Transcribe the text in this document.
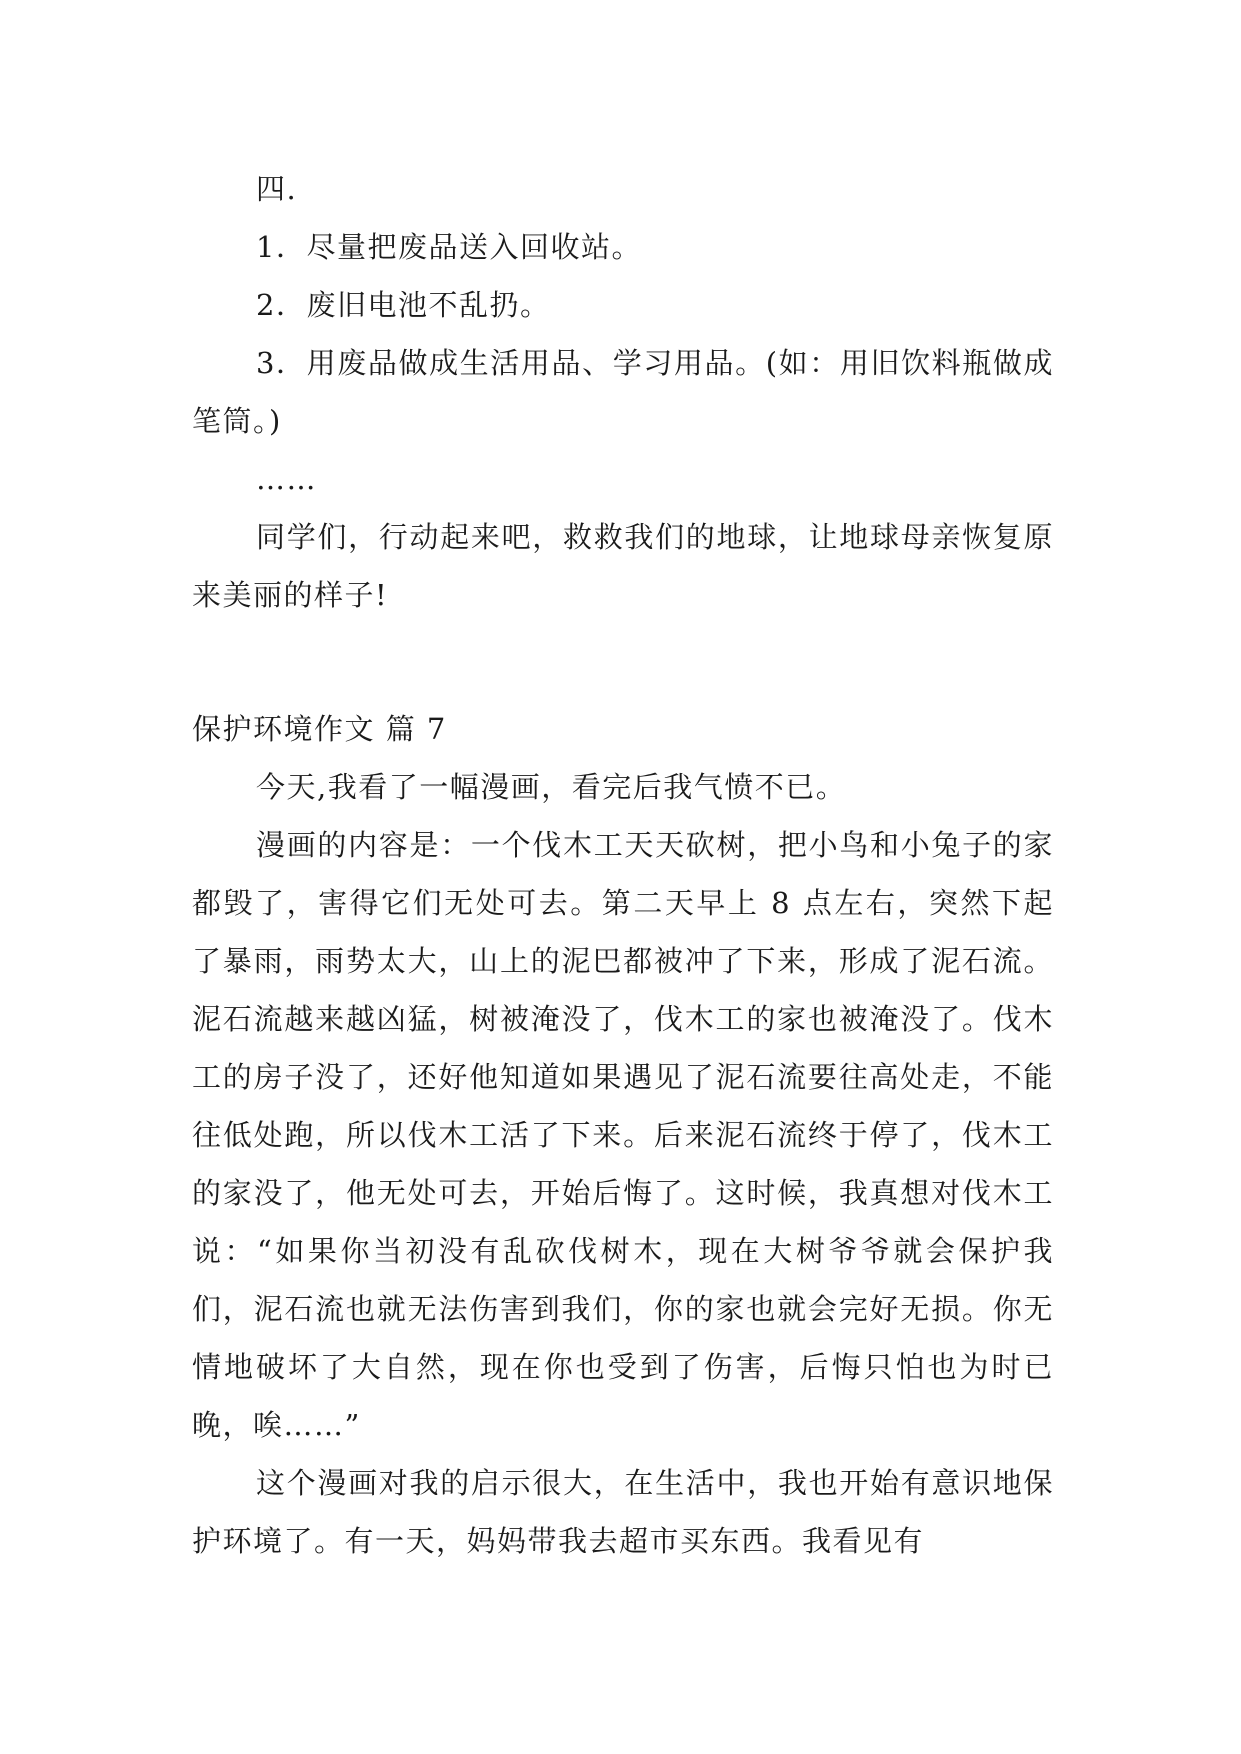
四.

1．尽量把废品送入回收站。

2．废旧电池不乱扔。

3．用废品做成生活用品、学习用品。(如：用旧饮料瓶做成笔筒。)

……

同学们，行动起来吧，救救我们的地球，让地球母亲恢复原来美丽的样子!

保护环境作文 篇 7

今天,我看了一幅漫画，看完后我气愤不已。

漫画的内容是：一个伐木工天天砍树，把小鸟和小兔子的家都毁了，害得它们无处可去。第二天早上 8 点左右，突然下起了暴雨，雨势太大，山上的泥巴都被冲了下来，形成了泥石流。泥石流越来越凶猛，树被淹没了，伐木工的家也被淹没了。伐木工的房子没了，还好他知道如果遇见了泥石流要往高处走，不能往低处跑，所以伐木工活了下来。后来泥石流终于停了，伐木工的家没了，他无处可去，开始后悔了。这时候，我真想对伐木工说：“如果你当初没有乱砍伐树木，现在大树爷爷就会保护我们，泥石流也就无法伤害到我们，你的家也就会完好无损。你无情地破坏了大自然，现在你也受到了伤害，后悔只怕也为时已晚，唉……”

这个漫画对我的启示很大，在生活中，我也开始有意识地保护环境了。有一天，妈妈带我去超市买东西。我看见有
